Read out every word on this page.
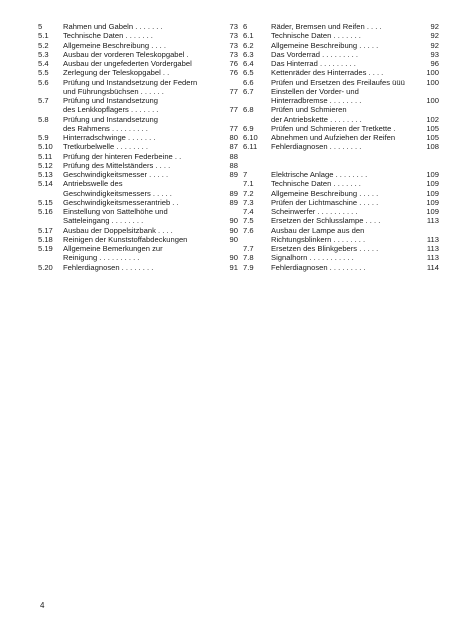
5	Rahmen und Gabeln . . . . . . .	73
5.1	Technische Daten . . . . . . .	73
5.2	Allgemeine Beschreibung . . . .	73
5.3	Ausbau der vorderen Teleskopgabel .	73
5.4	Ausbau der ungefederten Vordergabel	76
5.5	Zerlegung der Teleskopgabel . .	76
5.6	Prüfung und Instandsetzung der Federn
und Führungsbüchsen . . . . . .	77
5.7	Prüfung und Instandsetzung
des Lenkkopflagers . . . . . . .	77
5.8	Prüfung und Instandsetzung
des Rahmens . . . . . . . . .	77
5.9	Hinterradschwinge . . . . . . .	80
5.10	Tretkurbelwelle . . . . . . . .	87
5.11	Prüfung der hinteren Federbeine . .	88
5.12	Prüfung des Mittelständers . . . .	88
5.13	Geschwindigkeitsmesser . . . . .	89
5.14	Antriebswelle des
Geschwindigkeitsmessers . . . . .	89
5.15	Geschwindigkeitsmesserantrieb . .	89
5.16	Einstellung von Sattelhöhe und
Satteleingang . . . . . . . .	90
5.17	Ausbau der Doppelsitzbank . . . .	90
5.18	Reinigen der Kunststoffabdeckungen	90
5.19	Allgemeine Bemerkungen zur
Reinigung . . . . . . . . . .	90
5.20	Fehlerdiagnosen . . . . . . . .	91
6	Räder, Bremsen und Reifen . . . .	92
6.1	Technische Daten . . . . . . .	92
6.2	Allgemeine Beschreibung . . . . .	92
6.3	Das Vorderrad . . . . . . . . .	93
6.4	Das Hinterrad . . . . . . . . .	96
6.5	Kettenräder des Hinterrades . . . .	100
6.6	Prüfen und Ersetzen des Freilaufes üüü	100
6.7	Einstellen der Vorder- und
Hinterradbremse . . . . . . . .	100
6.8	Prüfen und Schmieren
der Antriebskette . . . . . . . .	102
6.9	Prüfen und Schmieren der Tretkette .	105
6.10	Abnehmen und Aufziehen der Reifen	105
6.11	Fehlerdiagnosen . . . . . . . .	108
7	Elektrische Anlage . . . . . . . .	109
7.1	Technische Daten . . . . . . .	109
7.2	Allgemeine Beschreibung . . . . .	109
7.3	Prüfen der Lichtmaschine . . . . .	109
7.4	Scheinwerfer . . . . . . . . . .	109
7.5	Ersetzen der Schlusslampe . . . .	113
7.6	Ausbau der Lampe aus den
Richtungsblinkern . . . . . . . .	113
7.7	Ersetzen des Blinkgebers . . . . .	113
7.8	Signalhorn . . . . . . . . . . .	113
7.9	Fehlerdiagnosen . . . . . . . . .	114
4
